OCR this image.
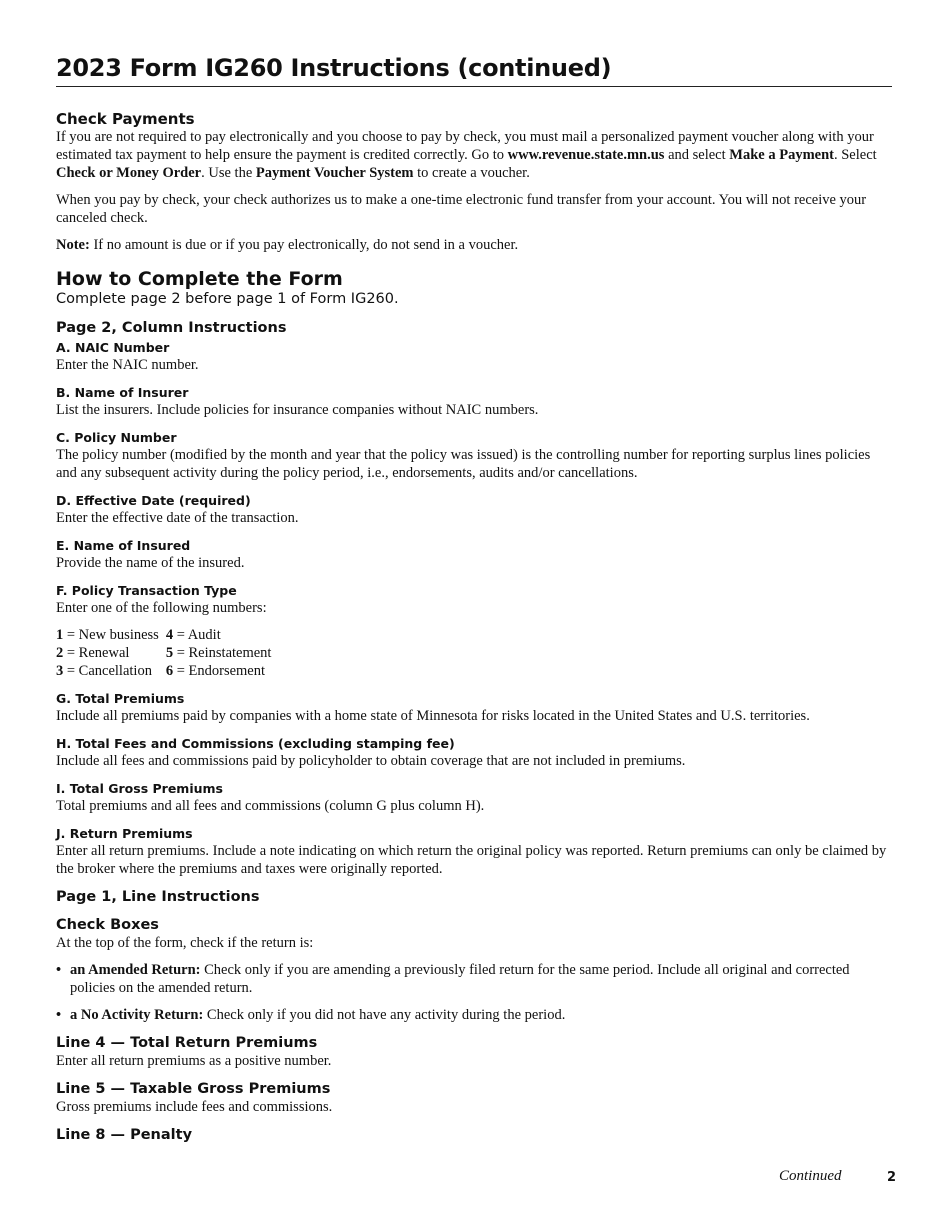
2023 Form IG260 Instructions (continued)
Check Payments

If you are not required to pay electronically and you choose to pay by check, you must mail a personalized payment voucher along with your estimated tax payment to help ensure the payment is credited correctly. Go to www.revenue.state.mn.us and select Make a Payment. Select Check or Money Order. Use the Payment Voucher System to create a voucher.

When you pay by check, your check authorizes us to make a one-time electronic fund transfer from your account. You will not receive your canceled check.

Note: If no amount is due or if you pay electronically, do not send in a voucher.

How to Complete the Form

Complete page 2 before page 1 of Form IG260.

Page 2, Column Instructions
A. NAIC Number

Enter the NAIC number.

B. Name of Insurer

List the insurers. Include policies for insurance companies without NAIC numbers.

C. Policy Number

The policy number (modified by the month and year that the policy was issued) is the controlling number for reporting surplus lines policies and any subsequent activity during the policy period, i.e., endorsements, audits and/or cancellations.

D. Effective Date (required)

Enter the effective date of the transaction.

E. Name of Insured

Provide the name of the insured.

F. Policy Transaction Type

Enter one of the following numbers:

1 = New business	4 = Audit
2 = Renewal	5 = Reinstatement
3 = Cancellation	6 = Endorsement
G. Total Premiums

Include all premiums paid by companies with a home state of Minnesota for risks located in the United States and U.S. territories.

H. Total Fees and Commissions (excluding stamping fee)

Include all fees and commissions paid by policyholder to obtain coverage that are not included in premiums.

I. Total Gross Premiums

Total premiums and all fees and commissions (column G plus column H).

J. Return Premiums

Enter all return premiums. Include a note indicating on which return the original policy was reported. Return premiums can only be claimed by the broker where the premiums and taxes were originally reported.

Page 1, Line Instructions
Check Boxes

At the top of the form, check if the return is:

• an Amended Return: Check only if you are amending a previously filed return for the same period. Include all original and corrected policies on the amended return.
• a No Activity Return: Check only if you did not have any activity during the period.
Line 4 — Total Return Premiums

Enter all return premiums as a positive number.

Line 5 — Taxable Gross Premiums

Gross premiums include fees and commissions.

Line 8 — Penalty
Continued	2
